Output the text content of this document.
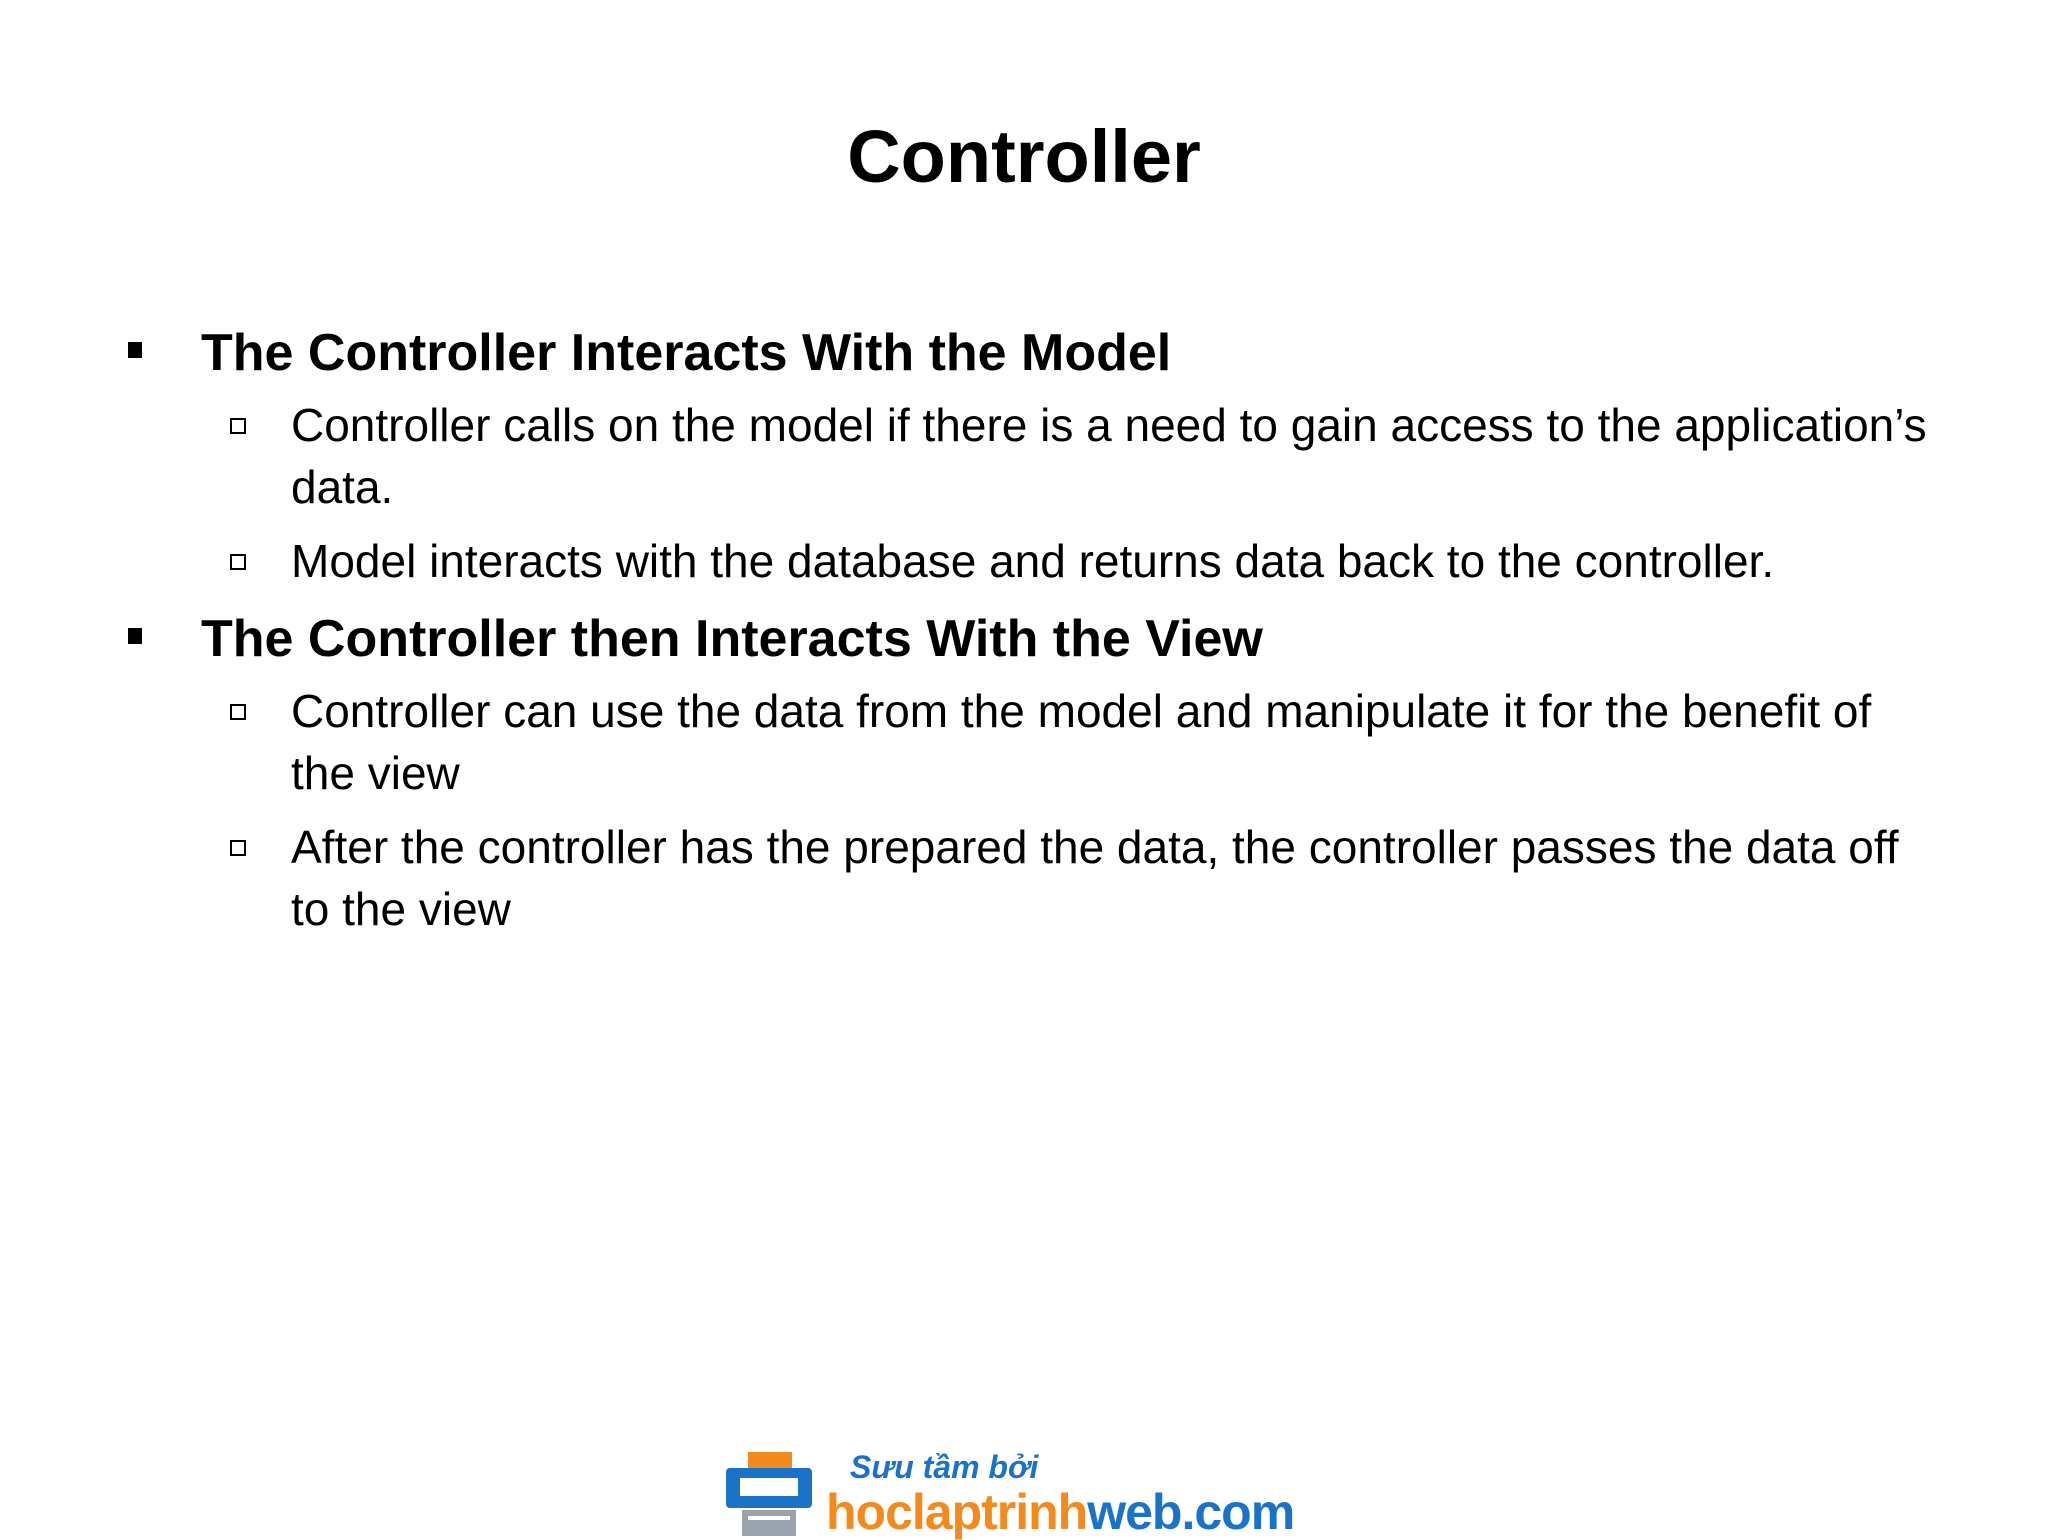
Controller
The Controller Interacts With the Model
Controller calls on the model if there is a need to gain access to the application’s data.
Model interacts with the database and returns data back to the controller.
The Controller then Interacts With the View
Controller can use the data from the model and manipulate it for the benefit of the view
After the controller has the prepared the data, the controller passes the data off to the view
Sưu tầm bởi
hoclaptrinhweb.com
